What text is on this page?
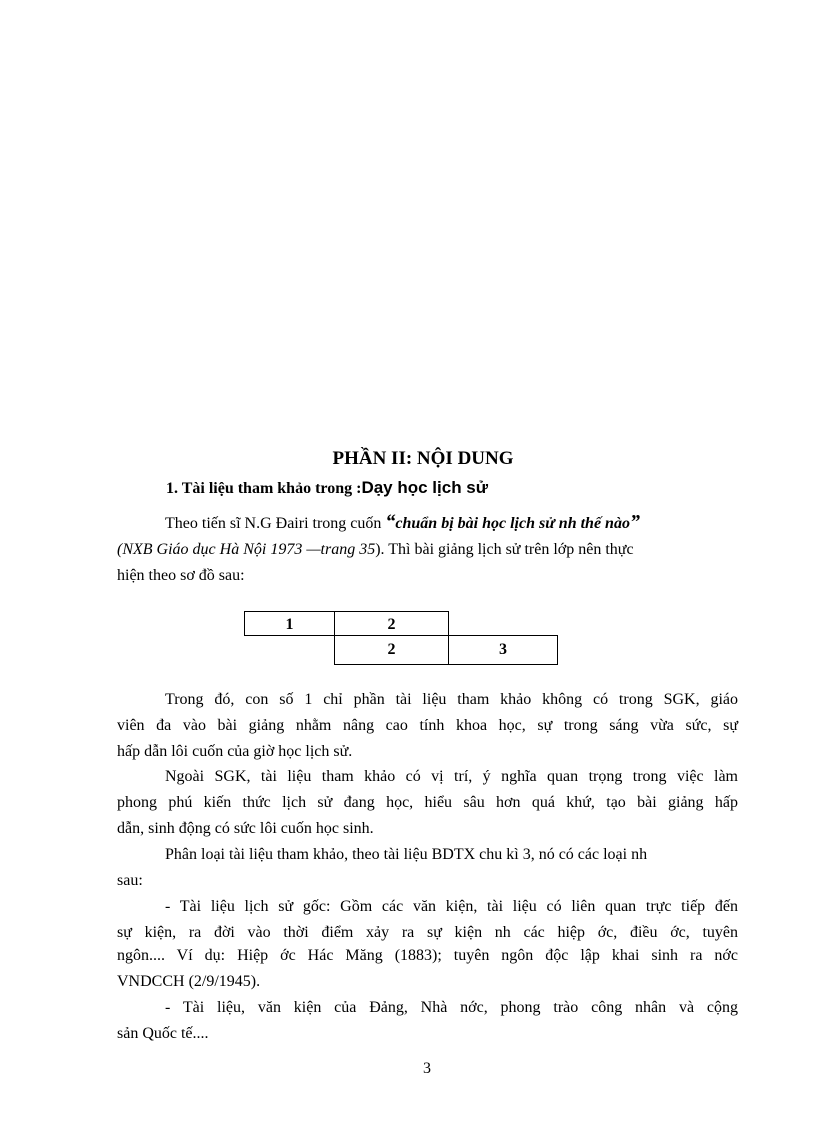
PHẦN II: NỘI DUNG
1. Tài liệu tham khảo trong :Dạy học lịch sử
Theo tiến sĩ N.G Đairi trong cuốn “chuẩn bị bài học lịch sử nh thế nào”
(NXB Giáo dục Hà Nội 1973 —trang 35). Thì bài giảng lịch sử trên lớp nên thực
hiện theo sơ đồ sau:
1	2
2	3
Trong đó, con số 1 chỉ phần tài liệu tham khảo không có trong SGK, giáo
viên đa vào bài giảng nhằm nâng cao tính khoa học, sự trong sáng vừa sức, sự
hấp dẫn lôi cuốn của giờ học lịch sử.
Ngoài SGK, tài liệu tham khảo có vị trí, ý nghĩa quan trọng trong việc làm
phong phú kiến thức lịch sử đang học, hiểu sâu hơn quá khứ, tạo bài giảng hấp
dẫn, sinh động có sức lôi cuốn học sinh.
Phân loại tài liệu tham khảo, theo tài liệu BDTX chu kì 3, nó có các loại nh
sau:
- Tài liệu lịch sử gốc: Gồm các văn kiện, tài liệu có liên quan trực tiếp đến
sự kiện, ra đời vào thời điểm xảy ra sự kiện nh các hiệp ớc, điều ớc, tuyên
ngôn.... Ví dụ: Hiệp ớc Hác Măng (1883); tuyên ngôn độc lập khai sinh ra nớc
VNDCCH (2/9/1945).
- Tài liệu, văn kiện của Đảng, Nhà nớc, phong trào công nhân và cộng
sản Quốc tế....
3
